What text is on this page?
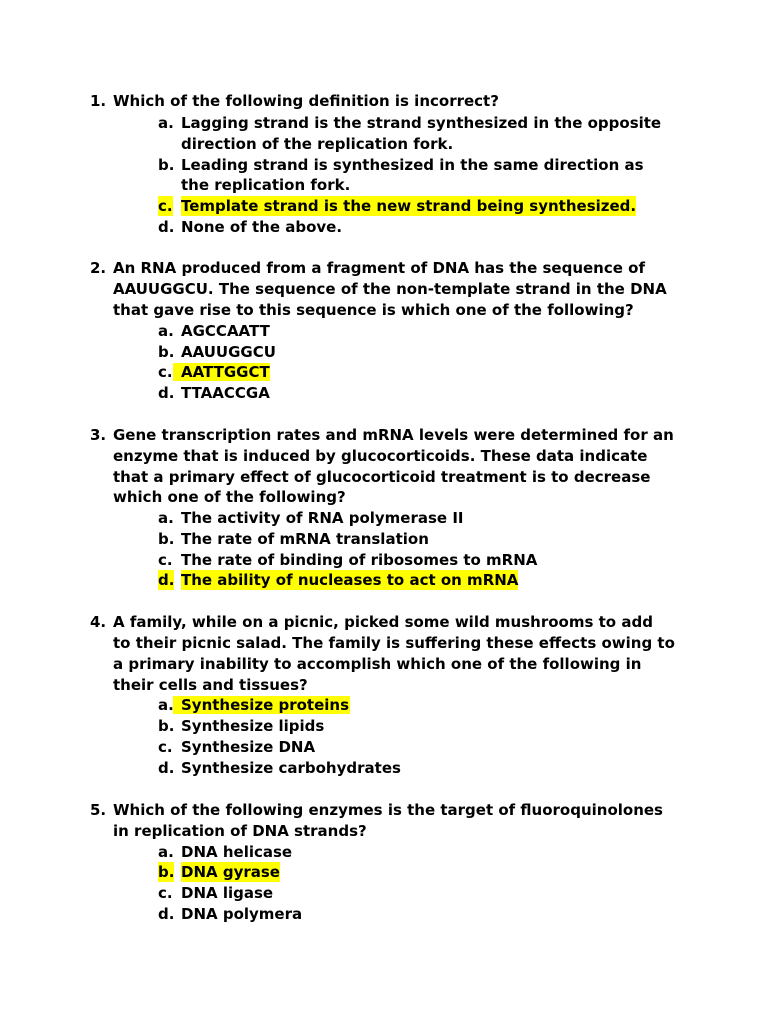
1. Which of the following definition is incorrect?
a. Lagging strand is the strand synthesized in the opposite
direction of the replication fork.
b. Leading strand is synthesized in the same direction as
the replication fork.
c. Template strand is the new strand being synthesized.
d. None of the above.
2. An RNA produced from a fragment of DNA has the sequence of
AAUUGGCU. The sequence of the non-template strand in the DNA
that gave rise to this sequence is which one of the following?
a. AGCCAATT
b. AAUUGGCU
c. AATTGGCT
d. TTAACCGA
3. Gene transcription rates and mRNA levels were determined for an
enzyme that is induced by glucocorticoids. These data indicate
that a primary effect of glucocorticoid treatment is to decrease
which one of the following?
a. The activity of RNA polymerase II
b. The rate of mRNA translation
c. The rate of binding of ribosomes to mRNA
d. The ability of nucleases to act on mRNA
4. A family, while on a picnic, picked some wild mushrooms to add
to their picnic salad. The family is suffering these effects owing to
a primary inability to accomplish which one of the following in
their cells and tissues?
a. Synthesize proteins
b. Synthesize lipids
c. Synthesize DNA
d. Synthesize carbohydrates
5. Which of the following enzymes is the target of fluoroquinolones
in replication of DNA strands?
a. DNA helicase
b. DNA gyrase
c. DNA ligase
d. DNA polymera
